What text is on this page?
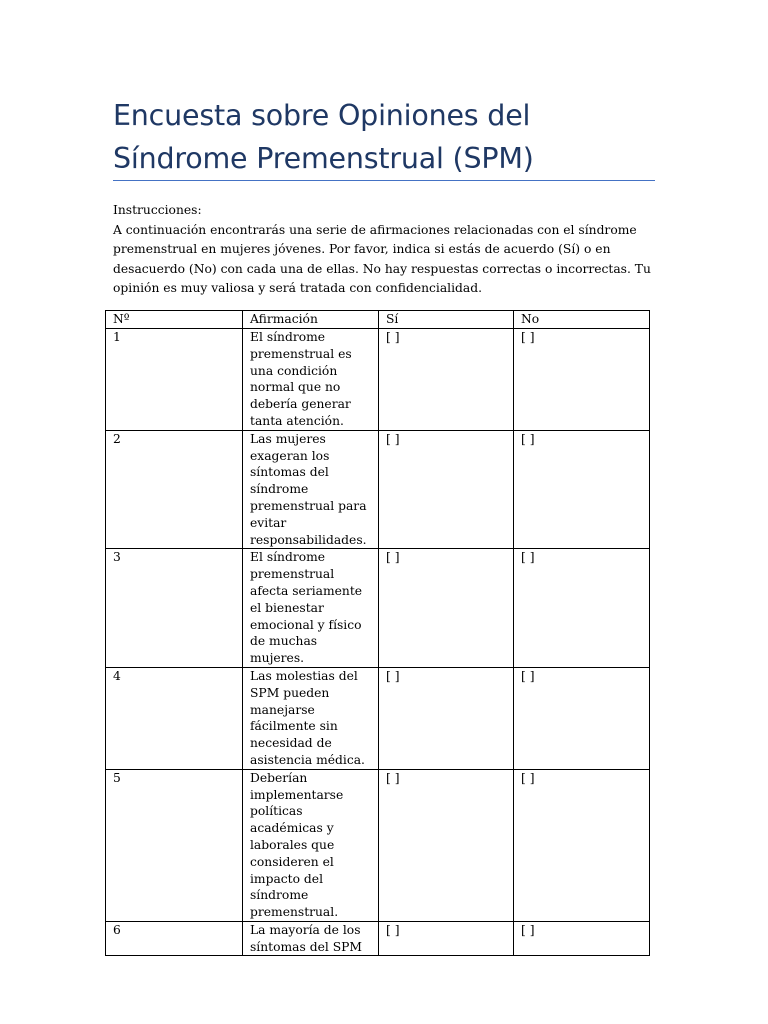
Encuesta sobre Opiniones del Síndrome Premenstrual (SPM)

Instrucciones:

A continuación encontrarás una serie de afirmaciones relacionadas con el síndrome premenstrual en mujeres jóvenes. Por favor, indica si estás de acuerdo (Sí) o en desacuerdo (No) con cada una de ellas. No hay respuestas correctas o incorrectas. Tu opinión es muy valiosa y será tratada con confidencialidad.

Nº	Afirmación	Sí	No
1	El síndrome premenstrual es una condición normal que no debería generar tanta atención.	[ ]	[ ]
2	Las mujeres exageran los síntomas del síndrome premenstrual para evitar responsabilidades.	[ ]	[ ]
3	El síndrome premenstrual afecta seriamente el bienestar emocional y físico de muchas mujeres.	[ ]	[ ]
4	Las molestias del SPM pueden manejarse fácilmente sin necesidad de asistencia médica.	[ ]	[ ]
5	Deberían implementarse políticas académicas y laborales que consideren el impacto del síndrome premenstrual.	[ ]	[ ]
6	La mayoría de los síntomas del SPM	[ ]	[ ]
